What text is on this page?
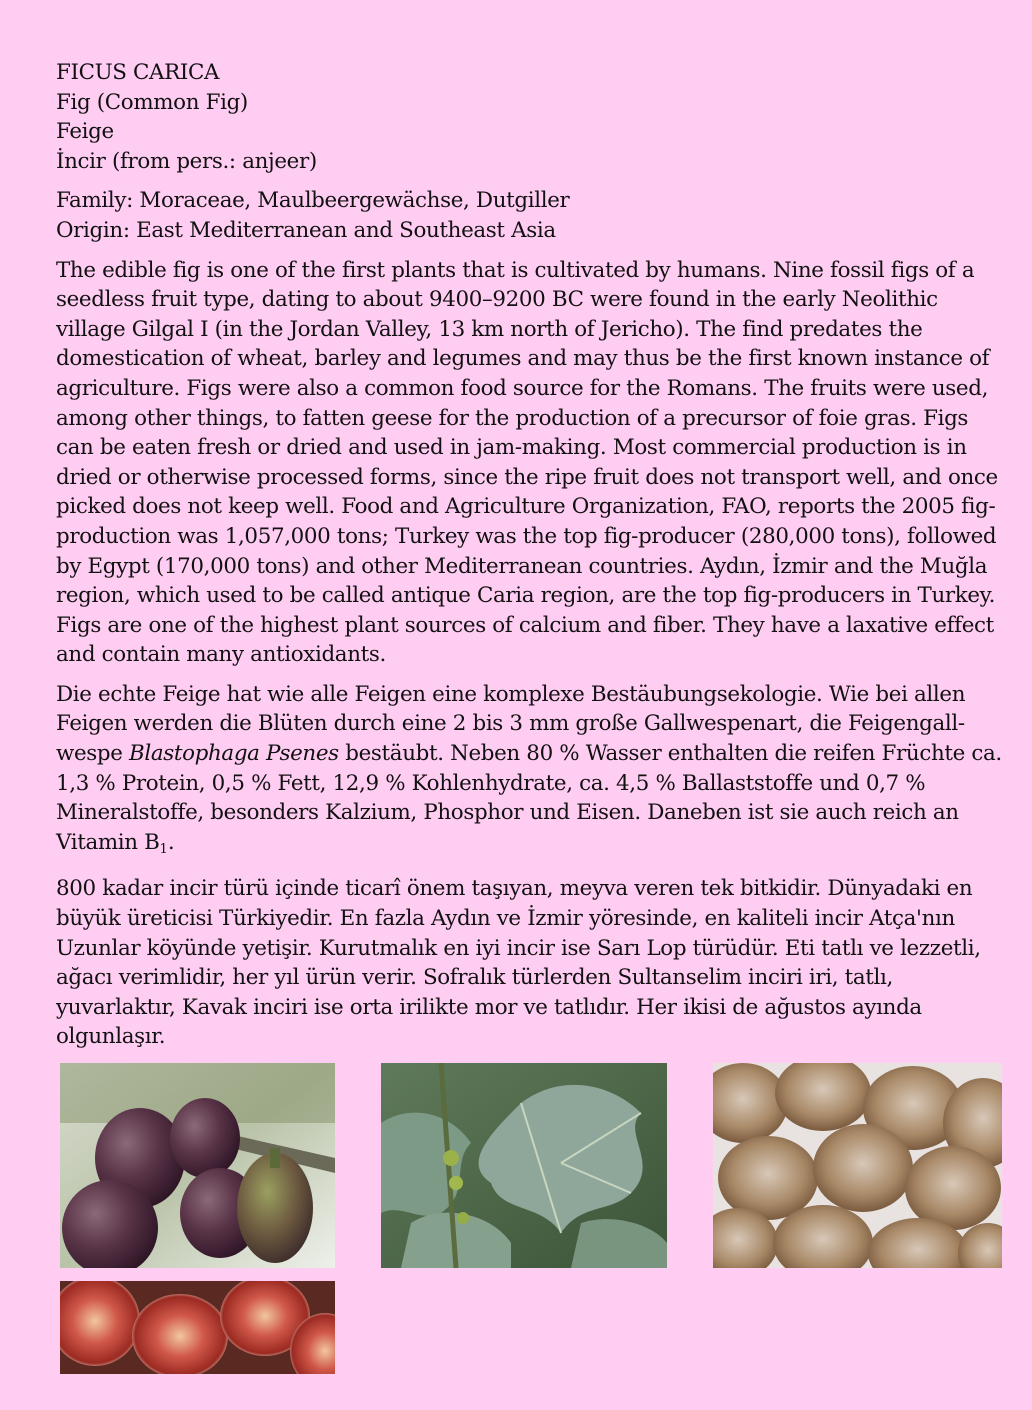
FICUS CARICA
Fig (Common Fig)
Feige
İncir (from pers.: anjeer)
Family: Moraceae, Maulbeergewächse, Dutgiller
Origin: East Mediterranean and Southeast Asia

The edible fig is one of the first plants that is cultivated by humans. Nine fossil figs of a seedless fruit type, dating to about 9400–9200 BC were found in the early Neolithic village Gilgal I (in the Jordan Valley, 13 km north of Jericho). The find predates the domestication of wheat, barley and legumes and may thus be the first known instance of agriculture. Figs were also a common food source for the Romans. The fruits were used, among other things, to fatten geese for the production of a precursor of foie gras. Figs can be eaten fresh or dried and used in jam-making. Most commercial production is in dried or otherwise processed forms, since the ripe fruit does not transport well, and once picked does not keep well. Food and Agriculture Organization, FAO, reports the 2005 fig-production was 1,057,000 tons; Turkey was the top fig-producer (280,000 tons), followed by Egypt (170,000 tons) and other Mediterranean countries. Aydın, İzmir and the Muğla region, which used to be called antique Caria region, are the top fig-producers in Turkey. Figs are one of the highest plant sources of calcium and fiber. They have a laxative effect and contain many antioxidants.

Die echte Feige hat wie alle Feigen eine komplexe Bestäubungsekologie. Wie bei allen Feigen werden die Blüten durch eine 2 bis 3 mm große Gallwespenart, die Feigengall-wespe Blastophaga Psenes bestäubt. Neben 80 % Wasser enthalten die reifen Früchte ca. 1,3 % Protein, 0,5 % Fett, 12,9 % Kohlenhydrate, ca. 4,5 % Ballaststoffe und 0,7 % Mineralstoffe, besonders Kalzium, Phosphor und Eisen. Daneben ist sie auch reich an Vitamin $B_1$.

800 kadar incir türü içinde ticarî önem taşıyan, meyva veren tek bitkidir. Dünyadaki en büyük üreticisi Türkiyedir. En fazla Aydın ve İzmir yöresinde, en kaliteli incir Atça'nın Uzunlar köyünde yetişir. Kurutmalık en iyi incir ise Sarı Lop türüdür. Eti tatlı ve lezzetli, ağacı verimlidir, her yıl ürün verir. Sofralık türlerden Sultanselim inciri iri, tatlı, yuvarlaktır, Kavak inciri ise orta irilikte mor ve tatlıdır. Her ikisi de ağustos ayında olgunlaşır.
